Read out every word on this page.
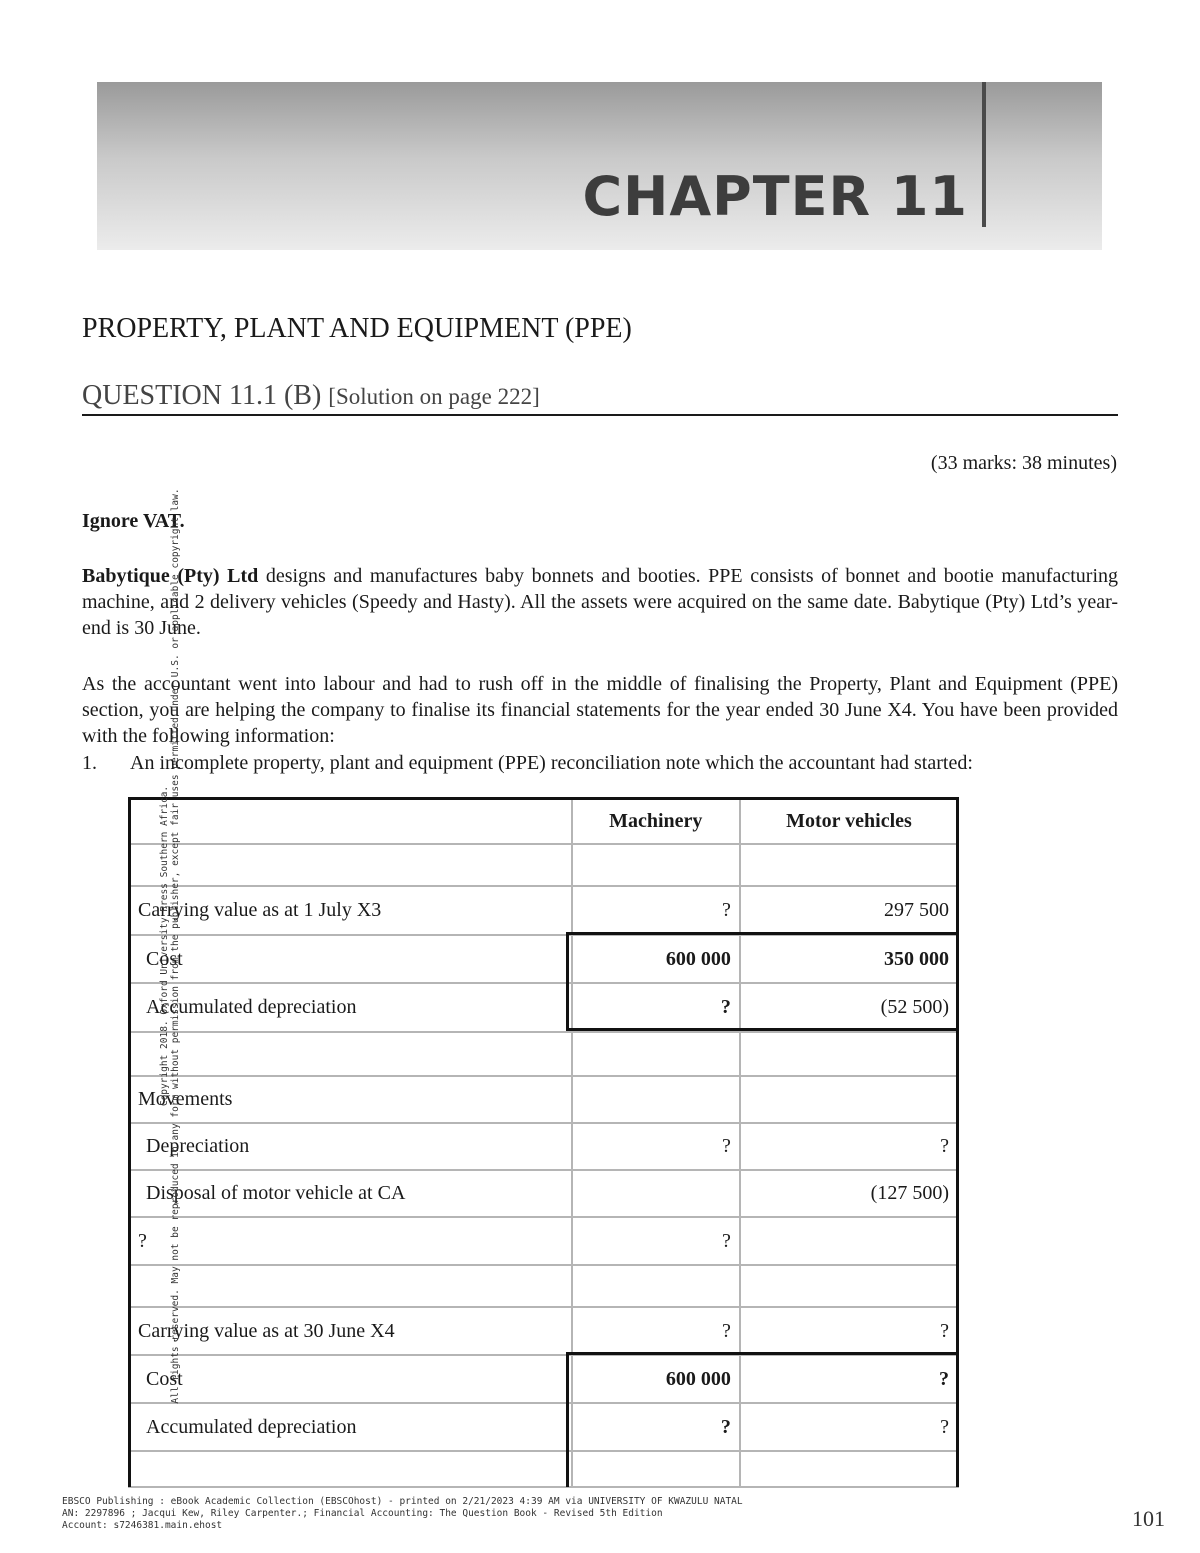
CHAPTER 11
PROPERTY, PLANT AND EQUIPMENT (PPE)
QUESTION 11.1 (B) [Solution on page 222]
(33 marks: 38 minutes)
Ignore VAT.
Babytique (Pty) Ltd designs and manufactures baby bonnets and booties. PPE consists of bonnet and bootie manufacturing machine, and 2 delivery vehicles (Speedy and Hasty). All the assets were acquired on the same date. Babytique (Pty) Ltd’s year-end is 30 June.
As the accountant went into labour and had to rush off in the middle of finalising the Property, Plant and Equipment (PPE) section, you are helping the company to finalise its financial statements for the year ended 30 June X4. You have been provided with the following information:
1. An incomplete property, plant and equipment (PPE) reconciliation note which the accountant had started:
	Machinery	Motor vehicles

Carrying value as at 1 July X3	?	297 500
Cost	600 000	350 000
Accumulated depreciation	?	(52 500)

Movements		
Depreciation	?	?
Disposal of motor vehicle at CA		(127 500)
?	?	

Carrying value as at 30 June X4	?	?
Cost	600 000	?
Accumulated depreciation	?	?

Copyright 2018. Oxford University Press Southern Africa. All rights reserved. May not be reproduced in any form without permission from the publisher, except fair uses permitted under U.S. or applicable copyright law.
EBSCO Publishing : eBook Academic Collection (EBSCOhost) - printed on 2/21/2023 4:39 AM via UNIVERSITY OF KWAZULU NATAL
AN: 2297896 ; Jacqui Kew, Riley Carpenter.; Financial Accounting: The Question Book - Revised 5th Edition
Account: s7246381.main.ehost	101
